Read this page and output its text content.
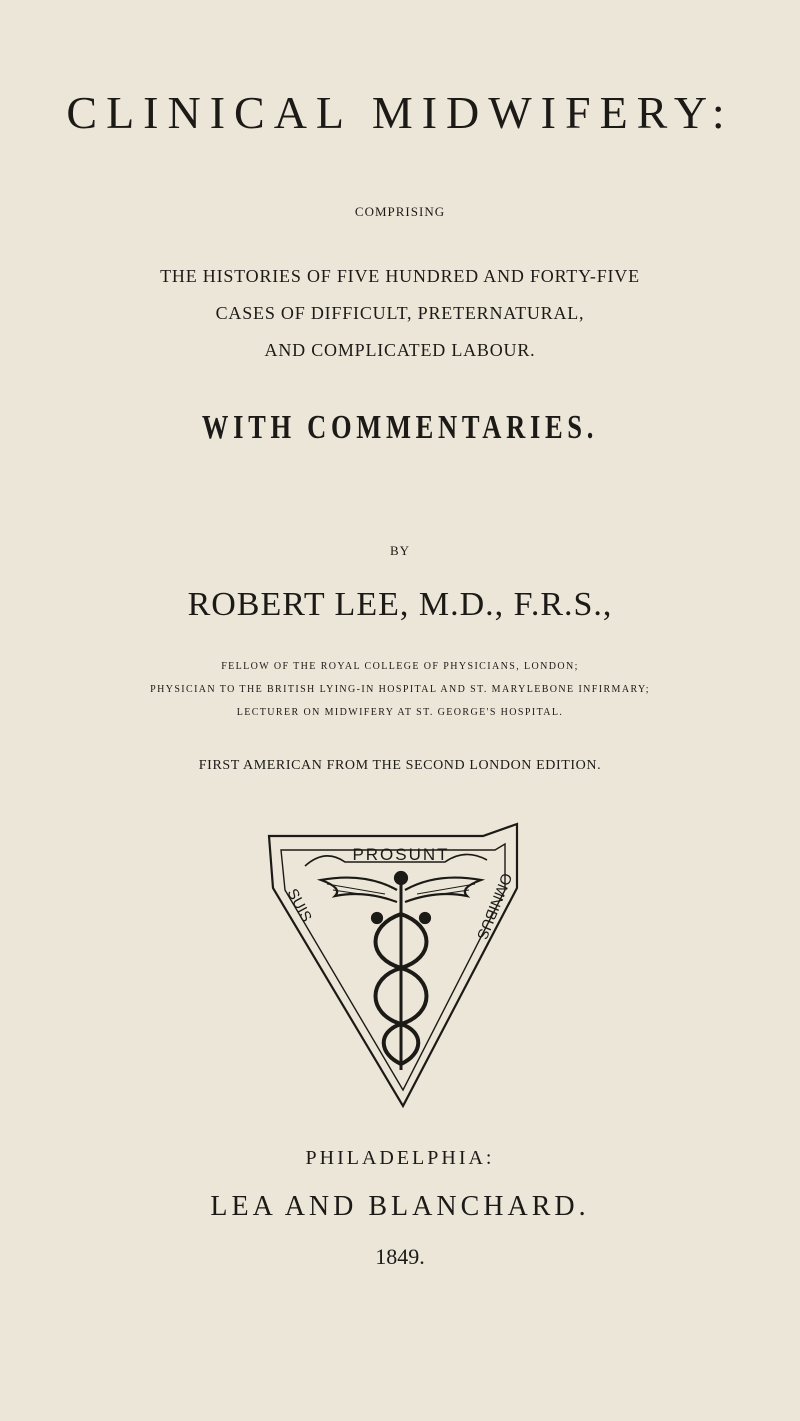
CLINICAL MIDWIFERY:
COMPRISING
THE HISTORIES OF FIVE HUNDRED AND FORTY-FIVE
CASES OF DIFFICULT, PRETERNATURAL,
AND COMPLICATED LABOUR.
WITH COMMENTARIES.
BY
ROBERT LEE, M.D., F.R.S.,
FELLOW OF THE ROYAL COLLEGE OF PHYSICIANS, LONDON;
PHYSICIAN TO THE BRITISH LYING-IN HOSPITAL AND ST. MARYLEBONE INFIRMARY;
LECTURER ON MIDWIFERY AT ST. GEORGE'S HOSPITAL.
FIRST AMERICAN FROM THE SECOND LONDON EDITION.
PROSUNT
SUIS	OMNIBUS
PHILADELPHIA:
LEA AND BLANCHARD.
1849.
